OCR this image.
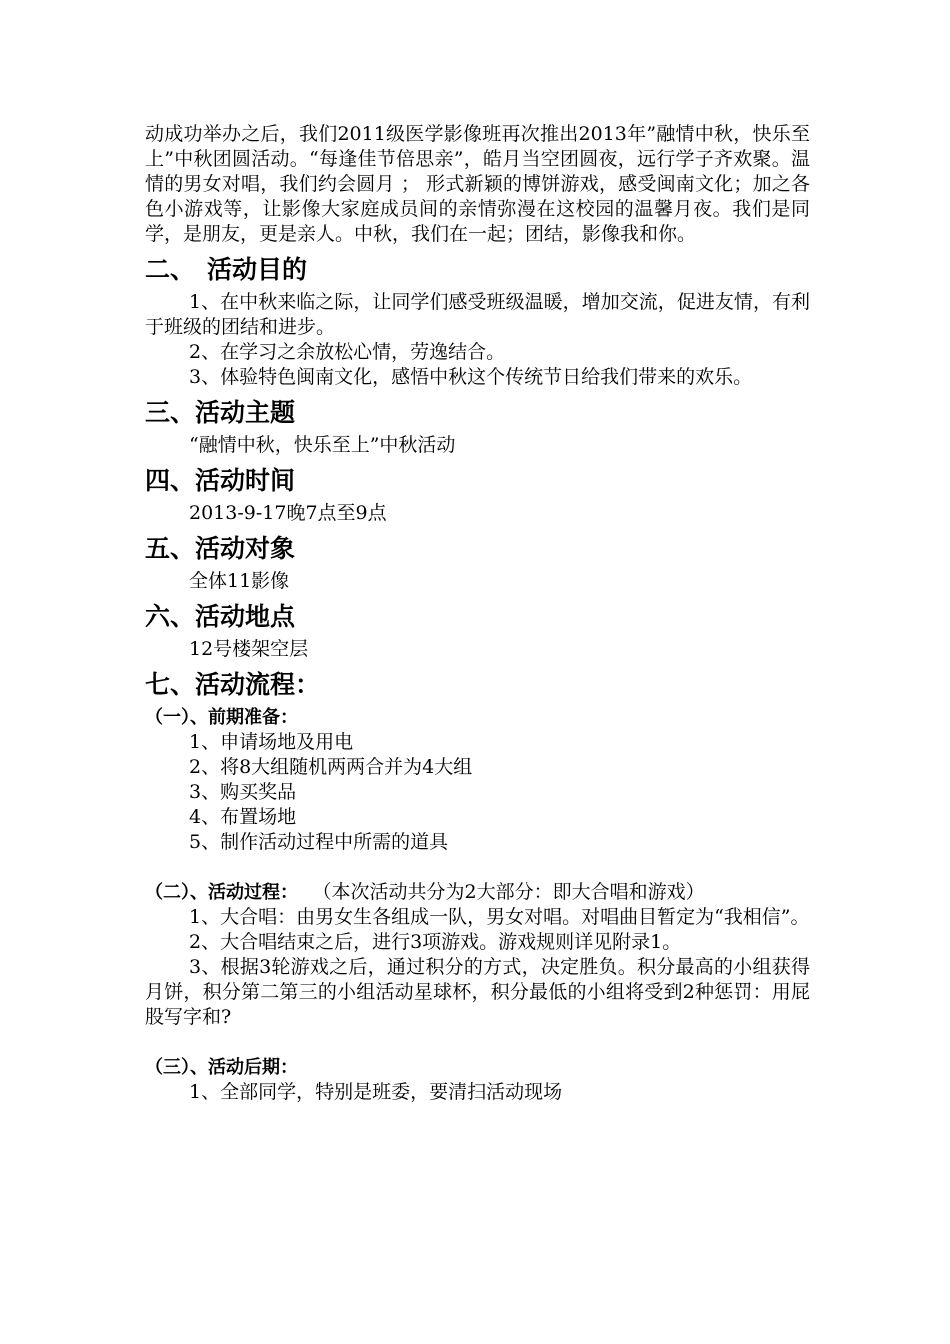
动成功举办之后，我们2011级医学影像班再次推出2013年”融情中秋，快乐至上”中秋团圆活动。“每逢佳节倍思亲”，皓月当空团圆夜，远行学子齐欢聚。温情的男女对唱，我们约会圆月 ； 形式新颖的博饼游戏，感受闽南文化；加之各色小游戏等，让影像大家庭成员间的亲情弥漫在这校园的温馨月夜。我们是同学，是朋友，更是亲人。中秋，我们在一起；团结，影像我和你。

二、 活动目的

1、在中秋来临之际，让同学们感受班级温暖，增加交流，促进友情，有利于班级的团结和进步。

2、在学习之余放松心情，劳逸结合。

3、体验特色闽南文化，感悟中秋这个传统节日给我们带来的欢乐。

三、活动主题

“融情中秋，快乐至上”中秋活动

四、活动时间

2013-9-17晚7点至9点

五、活动对象

全体11影像

六、活动地点

12号楼架空层

七、活动流程：
（一）、前期准备：

1、申请场地及用电

2、将8大组随机两两合并为4大组

3、购买奖品

4、布置场地

5、制作活动过程中所需的道具

（二）、活动过程： （本次活动共分为2大部分：即大合唱和游戏）

1、大合唱：由男女生各组成一队，男女对唱。对唱曲目暂定为“我相信”。

2、大合唱结束之后，进行3项游戏。游戏规则详见附录1。

3、根据3轮游戏之后，通过积分的方式，决定胜负。积分最高的小组获得月饼，积分第二第三的小组活动星球杯，积分最低的小组将受到2种惩罚：用屁股写字和?

（三）、活动后期：

1、全部同学，特别是班委，要清扫活动现场
